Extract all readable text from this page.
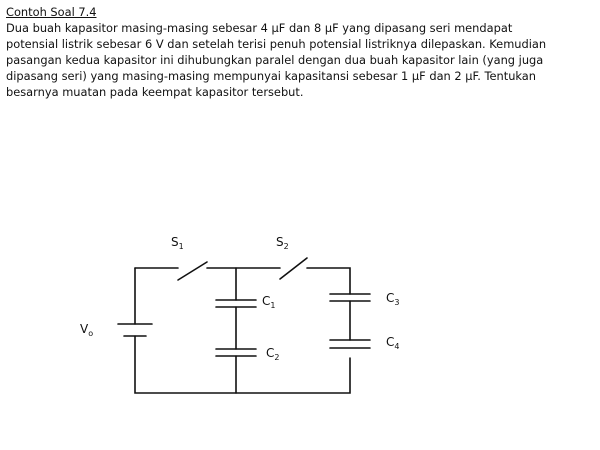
Contoh Soal 7.4
Dua buah kapasitor masing-masing sebesar 4 μF dan 8 μF yang dipasang seri mendapat
potensial listrik sebesar 6 V dan setelah terisi penuh potensial listriknya dilepaskan. Kemudian
pasangan kedua kapasitor ini dihubungkan paralel dengan dua buah kapasitor lain (yang juga
dipasang seri) yang masing-masing mempunyai kapasitansi sebesar 1 μF dan 2 μF. Tentukan
besarnya muatan pada keempat kapasitor tersebut.
$S_1$	$S_2$
$C_1$
$C_2$
$C_3$
$C_4$
$V_o$
